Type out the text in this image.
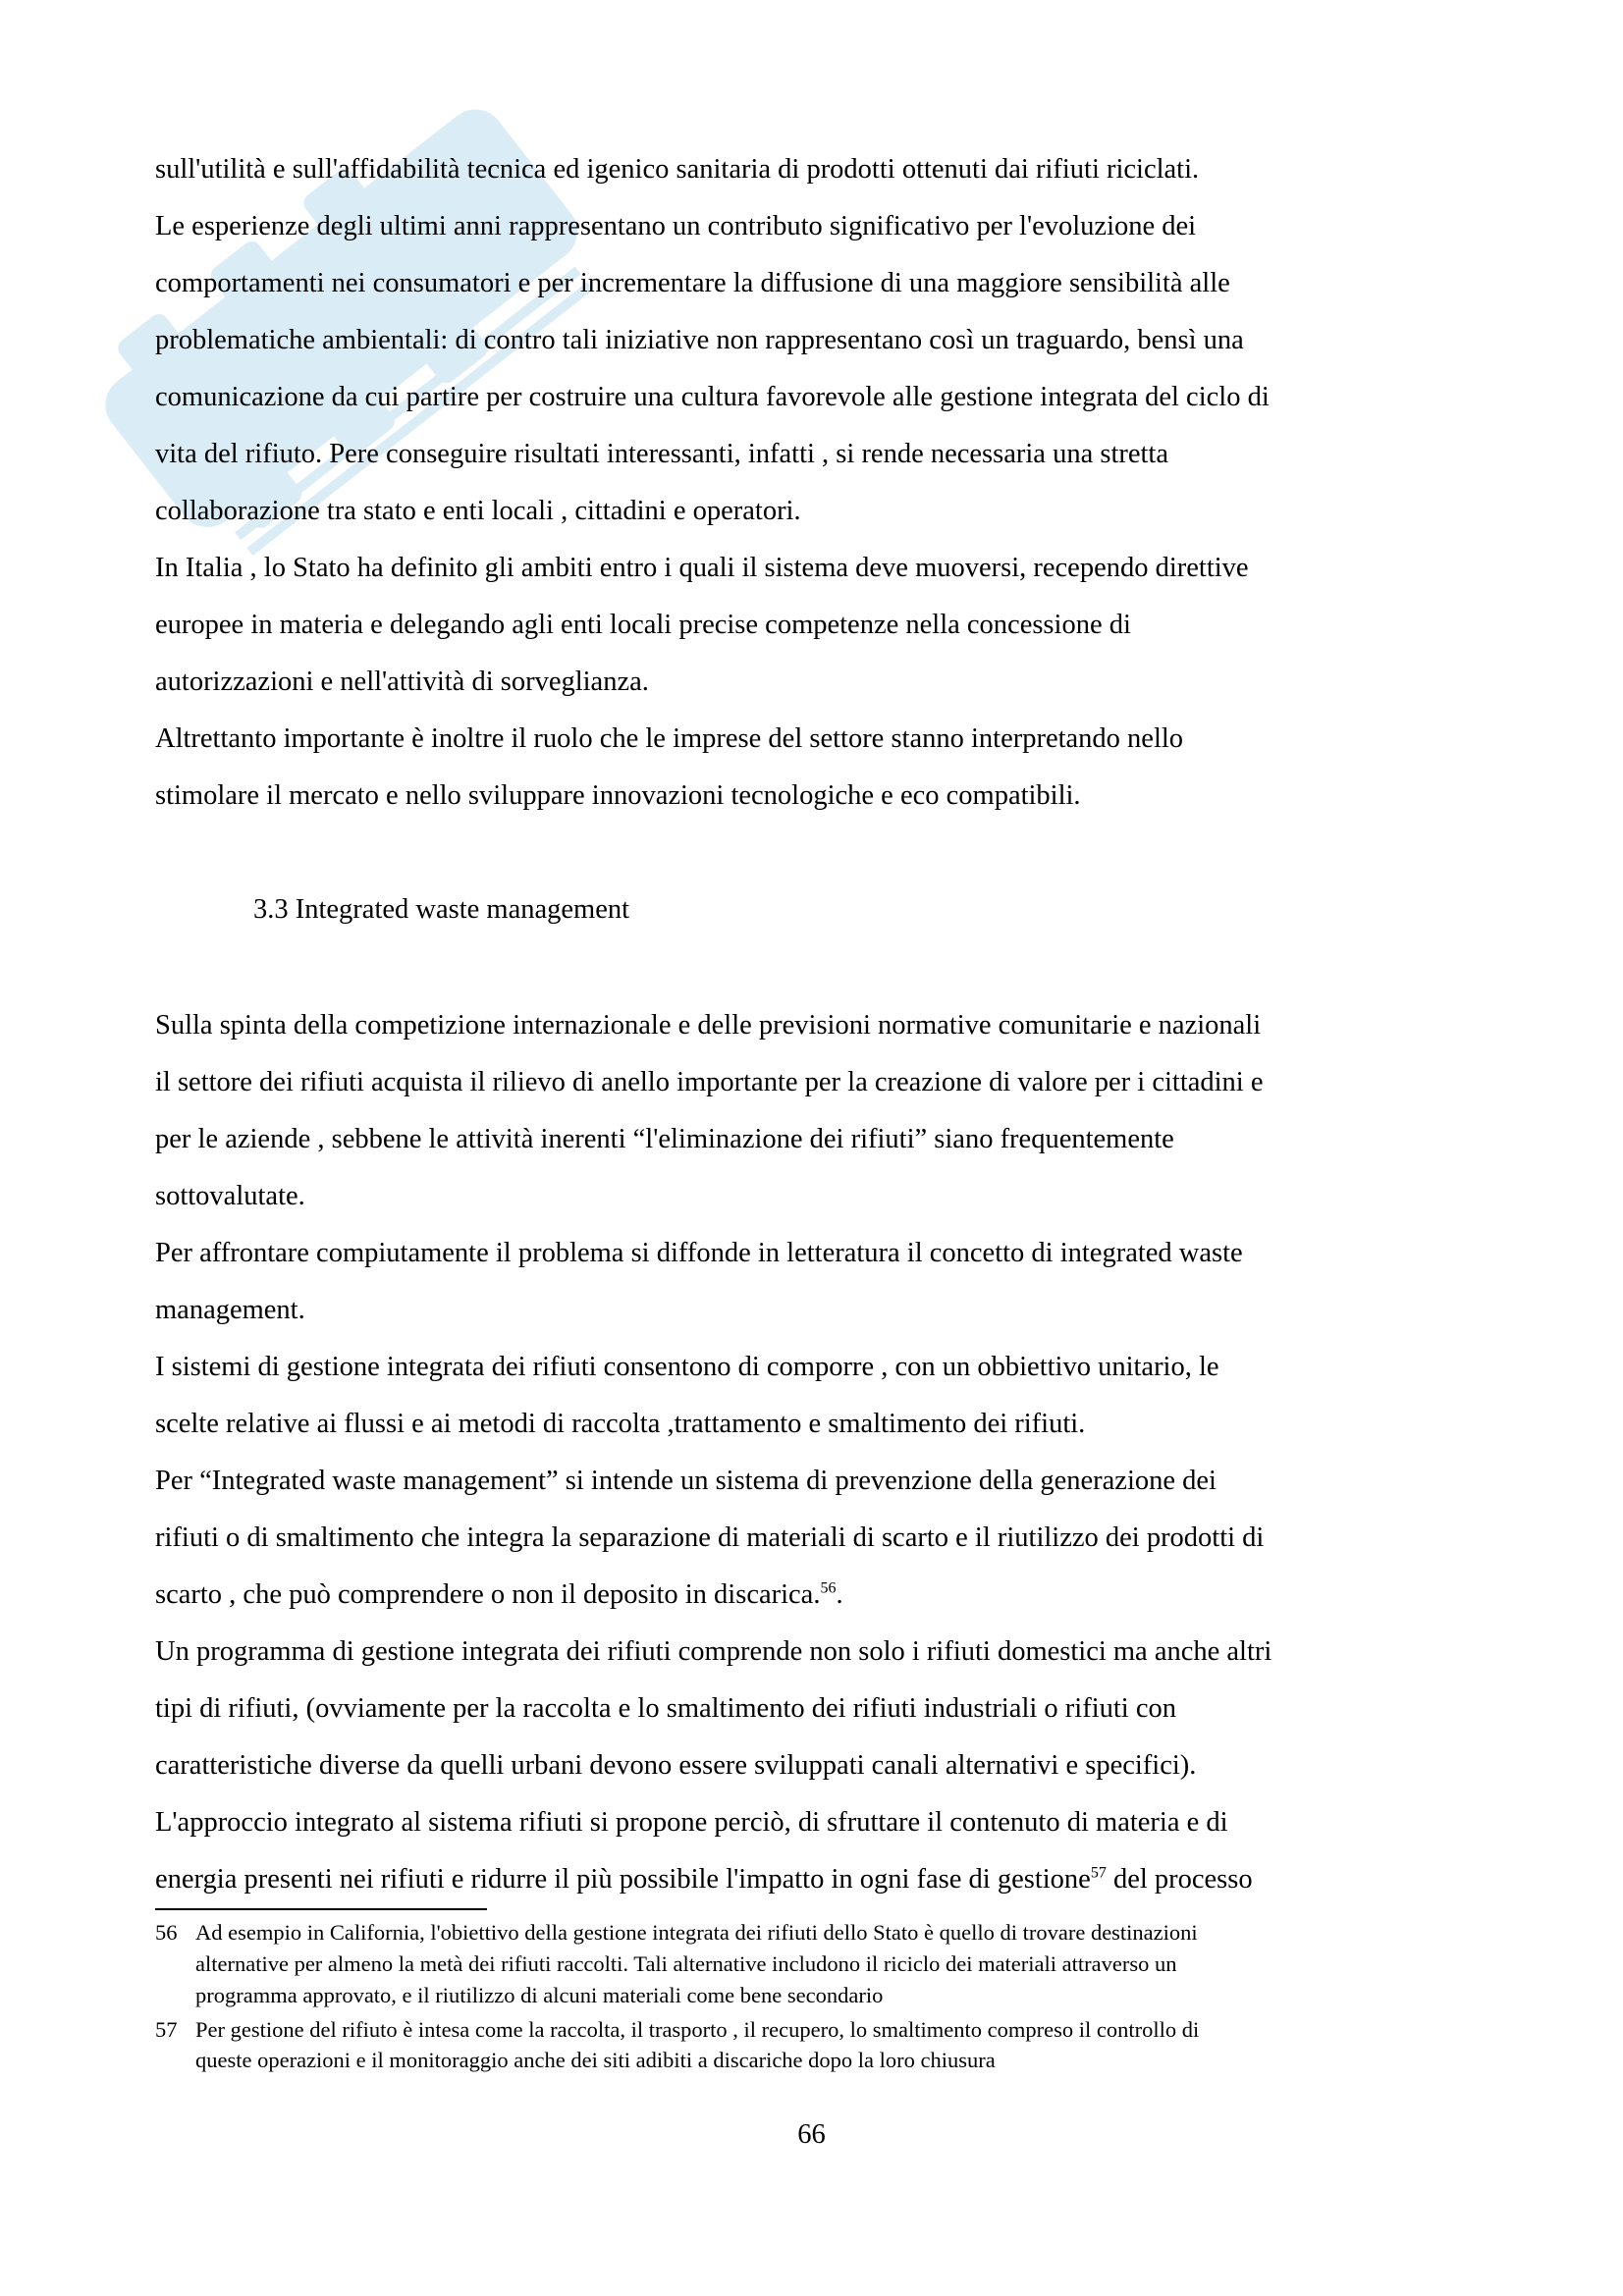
sull'utilità e sull'affidabilità tecnica ed igenico sanitaria di prodotti ottenuti dai rifiuti riciclati.
Le esperienze degli ultimi anni rappresentano un contributo significativo per l'evoluzione dei
comportamenti nei consumatori e per incrementare la diffusione di una maggiore sensibilità alle
problematiche ambientali: di contro tali iniziative non rappresentano così un traguardo, bensì una
comunicazione da cui partire per costruire una cultura favorevole alle gestione integrata del ciclo di
vita del rifiuto. Pere conseguire risultati interessanti, infatti , si rende necessaria una stretta
collaborazione tra stato e enti locali , cittadini e operatori.
In Italia , lo Stato ha definito gli ambiti entro i quali il sistema deve muoversi, recependo direttive
europee in materia e delegando agli enti locali precise competenze nella concessione di
autorizzazioni e nell'attività di sorveglianza.
Altrettanto importante è inoltre il ruolo che le imprese del settore stanno interpretando nello
stimolare il mercato e nello sviluppare innovazioni tecnologiche e eco compatibili.
3.3 Integrated waste management
Sulla spinta della competizione internazionale e delle previsioni normative comunitarie e nazionali
il settore dei rifiuti acquista il rilievo di anello importante per la creazione di valore per i cittadini e
per le aziende , sebbene le attività inerenti “l'eliminazione dei rifiuti” siano frequentemente
sottovalutate.
Per affrontare compiutamente il problema si diffonde in letteratura il concetto di integrated waste
management.
I sistemi di gestione integrata dei rifiuti consentono di comporre , con un obbiettivo unitario, le
scelte relative ai flussi e ai metodi di raccolta ,trattamento e smaltimento dei rifiuti.
Per “Integrated waste management” si intende un sistema di prevenzione della generazione dei
rifiuti o di smaltimento che integra la separazione di materiali di scarto e il riutilizzo dei prodotti di
scarto , che può comprendere o non il deposito in discarica.$^{56}$.
Un programma di gestione integrata dei rifiuti comprende non solo i rifiuti domestici ma anche altri
tipi di rifiuti, (ovviamente per la raccolta e lo smaltimento dei rifiuti industriali o rifiuti con
caratteristiche diverse da quelli urbani devono essere sviluppati canali alternativi e specifici).
L'approccio integrato al sistema rifiuti si propone perciò, di sfruttare il contenuto di materia e di
energia presenti nei rifiuti e ridurre il più possibile l'impatto in ogni fase di gestione$^{57}$ del processo
56 Ad esempio in California, l'obiettivo della gestione integrata dei rifiuti dello Stato è quello di trovare destinazioni
alternative per almeno la metà dei rifiuti raccolti. Tali alternative includono il riciclo dei materiali attraverso un
programma approvato, e il riutilizzo di alcuni materiali come bene secondario
57 Per gestione del rifiuto è intesa come la raccolta, il trasporto , il recupero, lo smaltimento compreso il controllo di
queste operazioni e il monitoraggio anche dei siti adibiti a discariche dopo la loro chiusura
66
